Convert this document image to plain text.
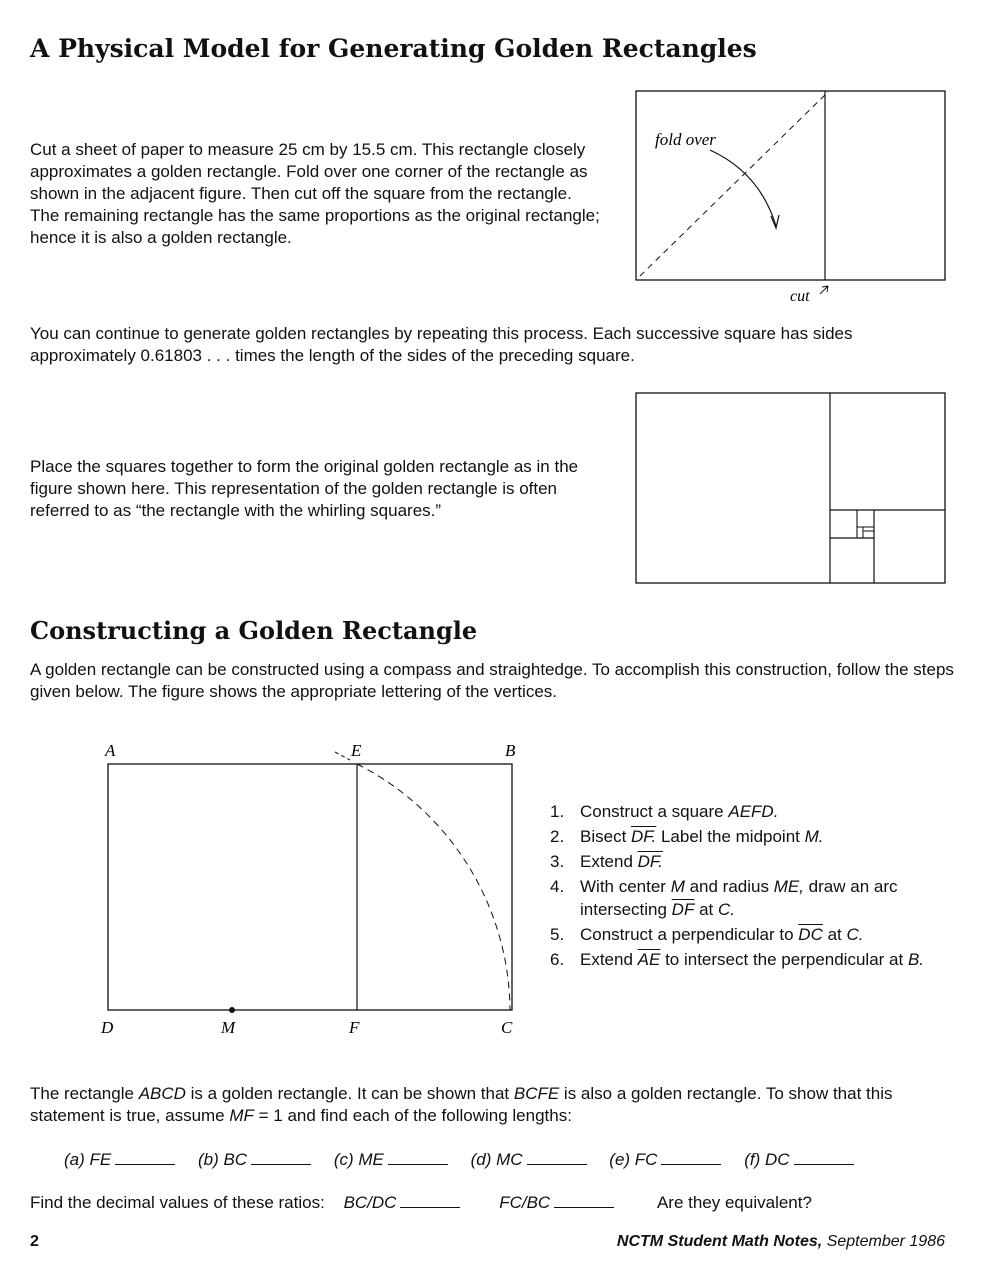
A Physical Model for Generating Golden Rectangles

Cut a sheet of paper to measure 25 cm by 15.5 cm. This rectangle closely approximates a golden rectangle. Fold over one corner of the rectangle as shown in the adjacent figure. Then cut off the square from the rectangle. The remaining rectangle has the same proportions as the original rectangle; hence it is also a golden rectangle.

fold over
cut

You can continue to generate golden rectangles by repeating this process. Each successive square has sides approximately 0.61803 . . . times the length of the sides of the preceding square.

Place the squares together to form the original golden rectangle as in the figure shown here. This representation of the golden rectangle is often referred to as “the rectangle with the whirling squares.”

Constructing a Golden Rectangle

A golden rectangle can be constructed using a compass and straightedge. To accomplish this construction, follow the steps given below. The figure shows the appropriate lettering of the vertices.

A	E	B
D	M	F	C
1. Construct a square AEFD.
2. Bisect DF. Label the midpoint M.
3. Extend DF.
4. With center M and radius ME, draw an arc intersecting $\overline{DF}$ at C.
5. Construct a perpendicular to $\overline{DC}$ at C.
6. Extend $\overline{AE}$ to intersect the perpendicular at B.

The rectangle ABCD is a golden rectangle. It can be shown that BCFE is also a golden rectangle. To show that this statement is true, assume MF = 1 and find each of the following lengths:

(a) FE	(b) BC	(c) ME	(d) MC	(e) FC	(f) DC
Find the decimal values of these ratios: BC/DC	FC/BC	Are they equivalent?
2	NCTM Student Math Notes, September 1986
